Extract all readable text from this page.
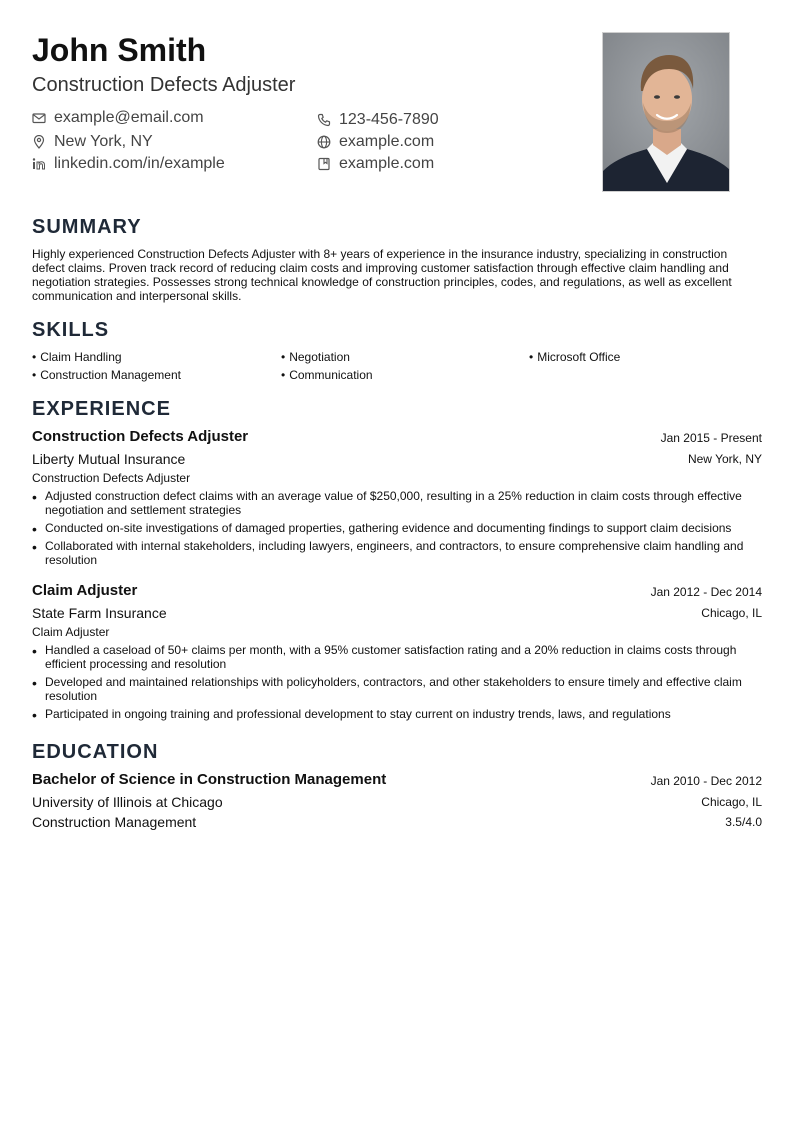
John Smith
Construction Defects Adjuster
example@email.com	123-456-7890
New York, NY	example.com
linkedin.com/in/example	example.com
SUMMARY
Highly experienced Construction Defects Adjuster with 8+ years of experience in the insurance industry, specializing in construction defect claims. Proven track record of reducing claim costs and improving customer satisfaction through effective claim handling and negotiation strategies. Possesses strong technical knowledge of construction principles, codes, and regulations, as well as excellent communication and interpersonal skills.
SKILLS
• Claim Handling	• Negotiation	• Microsoft Office
• Construction Management	• Communication
EXPERIENCE
Construction Defects Adjuster	Jan 2015 - Present
Liberty Mutual Insurance	New York, NY
Construction Defects Adjuster
• Adjusted construction defect claims with an average value of $250,000, resulting in a 25% reduction in claim costs through effective negotiation and settlement strategies
• Conducted on-site investigations of damaged properties, gathering evidence and documenting findings to support claim decisions
• Collaborated with internal stakeholders, including lawyers, engineers, and contractors, to ensure comprehensive claim handling and resolution
Claim Adjuster	Jan 2012 - Dec 2014
State Farm Insurance	Chicago, IL
Claim Adjuster
• Handled a caseload of 50+ claims per month, with a 95% customer satisfaction rating and a 20% reduction in claims costs through efficient processing and resolution
• Developed and maintained relationships with policyholders, contractors, and other stakeholders to ensure timely and effective claim resolution
• Participated in ongoing training and professional development to stay current on industry trends, laws, and regulations
EDUCATION
Bachelor of Science in Construction Management	Jan 2010 - Dec 2012
University of Illinois at Chicago	Chicago, IL
Construction Management	3.5/4.0
